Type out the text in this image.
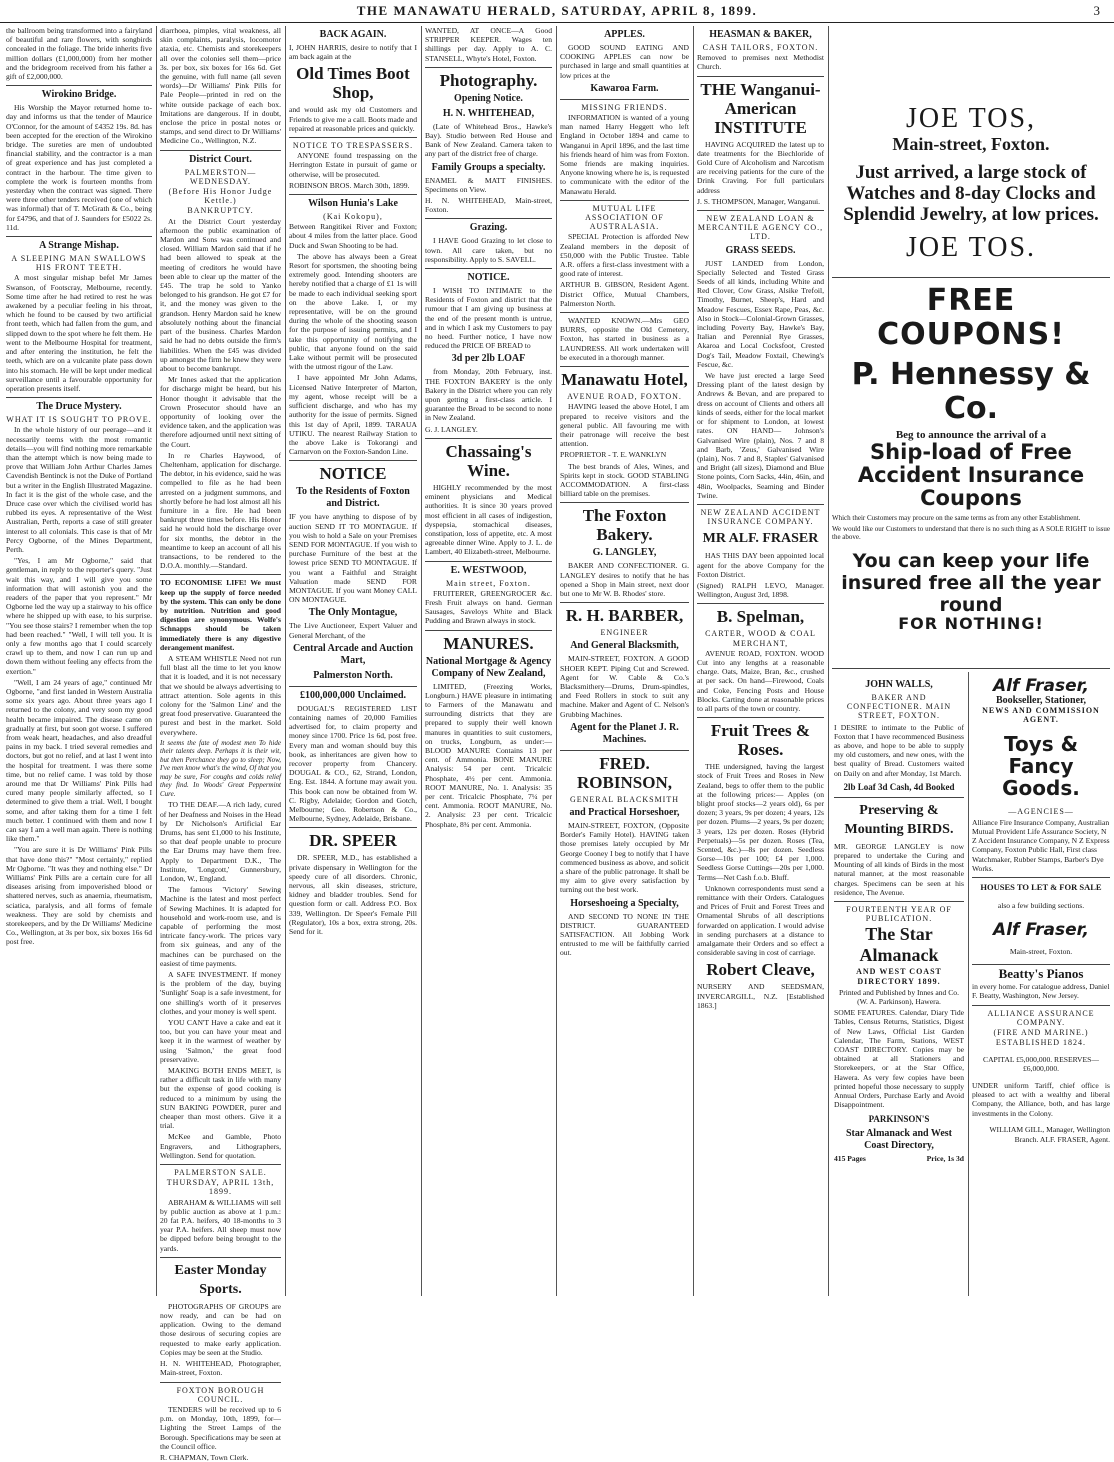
THE MANAWATU HERALD, SATURDAY, APRIL 8, 1899.	3

the ballroom being transformed into a fairyland of beautiful and rare flowers, with songbirds concealed in the foliage. The bride inherits five million dollars (£1,000,000) from her mother and the bridegroom received from his father a gift of £2,000,000.

Wirokino Bridge.

His Worship the Mayor returned home to-day and informs us that the tender of Maurice O'Connor, for the amount of £4352 19s. 8d. has been accepted for the erection of the Wirokino bridge. The sureties are men of undoubted financial stability, and the contractor is a man of great experience and has just completed a contract in the harbour. The time given to complete the work is fourteen months from yesterday when the contract was signed. There were three other tenders received (one of which was informal) that of T. McGrath & Co., being for £4796, and that of J. Saunders for £5022 2s. 11d.

A Strange Mishap.
A SLEEPING MAN SWALLOWS HIS FRONT TEETH.

A most singular mishap befel Mr James Swanson, of Footscray, Melbourne, recently. Some time after he had retired to rest he was awakened by a peculiar feeling in his throat, which he found to be caused by two artificial front teeth, which had fallen from the gum, and slipped down to the spot where he felt them. He went to the Melbourne Hospital for treatment, and after entering the institution, he felt the teeth, which are on a vulcanite plate pass down into his stomach. He will be kept under medical surveillance until a favourable opportunity for operation presents itself.

The Druce Mystery.
WHAT IT IS SOUGHT TO PROVE.

In the whole history of our peerage—and it necessarily teems with the most romantic details—you will find nothing more remarkable than the attempt which is now being made to prove that William John Arthur Charles James Cavendish Bentinck is not the Duke of Portland but a writer in the English Illustrated Magazine. In fact it is the gist of the whole case, and the Druce case over which the civilised world has rubbed its eyes. A representative of the West Australian, Perth, reports a case of still greater interest to all colonials. This case is that of Mr Percy Ogborne, of the Mines Department, Perth.

"Yes, I am Mr Ogborne," said that gentleman, in reply to the reporter's query. "Just wait this way, and I will give you some information that will astonish you and the readers of the paper that you represent." Mr Ogborne led the way up a stairway to his office where he shipped up with ease, to his surprise. "You see those stairs? I remember when the top had been reached." "Well, I will tell you. It is only a few months ago that I could scarcely crawl up to them, and now I can run up and down them without feeling any effects from the exertion."

"Well, I am 24 years of age," continued Mr Ogborne, "and first landed in Western Australia some six years ago. About three years ago I returned to the colony, and very soon my good health became impaired. The disease came on gradually at first, but soon got worse. I suffered from weak heart, headaches, and also dreadful pains in my back. I tried several remedies and doctors, but got no relief, and at last I went into the hospital for treatment. I was there some time, but no relief came. I was told by those around me that Dr Williams' Pink Pills had cured many people similarly affected, so I determined to give them a trial. Well, I bought some, and after taking them for a time I felt much better. I continued with them and now I can say I am a well man again. There is nothing like them."

"You are sure it is Dr Williams' Pink Pills that have done this?" "Most certainly," replied Mr Ogborne. "It was they and nothing else." Dr Williams' Pink Pills are a certain cure for all diseases arising from impoverished blood or shattered nerves, such as anaemia, rheumatism, sciatica, paralysis, and all forms of female weakness. They are sold by chemists and storekeepers, and by the Dr Williams' Medicine Co., Wellington, at 3s per box, six boxes 16s 6d post free.

diarrhoea, pimples, vital weakness, all skin complaints, paralysis, locomotor ataxia, etc. Chemists and storekeepers all over the colonies sell them—price 3s. per box, six boxes for 16s 6d. Get the genuine, with full name (all seven words)—Dr Williams' Pink Pills for Pale People—printed in red on the white outside package of each box. Imitations are dangerous. If in doubt, enclose the price in postal notes or stamps, and send direct to Dr Williams' Medicine Co., Wellington, N.Z.

District Court.
PALMERSTON—WEDNESDAY.
(Before His Honor Judge Kettle.)
BANKRUPTCY.

At the District Court yesterday afternoon the public examination of Mardon and Sons was continued and closed. William Mardon said that if he had been allowed to speak at the meeting of creditors he would have been able to clear up the matter of the £45. The trap he sold to Yanko belonged to his grandson. He got £7 for it, and the money was given to the grandson. Henry Mardon said he knew absolutely nothing about the financial part of the business. Charles Mardon said he had no debts outside the firm's liabilities. When the £45 was divided up amongst the firm he knew they were about to become bankrupt.

Mr Innes asked that the application for discharge might be heard, but his Honor thought it advisable that the Crown Prosecutor should have an opportunity of looking over the evidence taken, and the application was therefore adjourned until next sitting of the Court.

In re Charles Haywood, of Cheltenham, application for discharge. The debtor, in his evidence, said he was compelled to file as he had been arrested on a judgment summons, and shortly before he had lost almost all his furniture in a fire. He had been bankrupt three times before. His Honor said he would hold the discharge over for six months, the debtor in the meantime to keep an account of all his transactions, to be rendered to the D.O.A. monthly.—Standard.

TO ECONOMISE LIFE! We must keep up the supply of force needed by the system. This can only be done by nutrition. Nutrition and good digestion are synonymous. Wolfe's Schnapps should be taken immediately there is any digestive derangement manifest.

A STEAM WHISTLE Need not run full blast all the time to let you know that it is loaded, and it is not necessary that we should be always advertising to attract attention. Sole agents in this colony for the 'Salmon Line' and the great food preservative. Guaranteed the purest and best in the market. Sold everywhere.

It seems the fate of modest men To hide their talents deep. Perhaps it is their wit, but then Perchance they go to sleep; Now, I've men know what's the wind, Of that you may be sure, For coughs and colds relief they find. In Woods' Great Peppermint Cure.

TO THE DEAF.—A rich lady, cured of her Deafness and Noises in the Head by Dr Nicholson's Artificial Ear Drums, has sent £1,000 to his Institute, so that deaf people unable to procure the Ear Drums may have them free. Apply to Department D.K., The Institute, 'Longcott,' Gunnersbury, London, W., England.

The famous 'Victory' Sewing Machine is the latest and most perfect of Sewing Machines. It is adapted for household and work-room use, and is capable of performing the most intricate fancy-work. The prices vary from six guineas, and any of the machines can be purchased on the easiest of time payments.

A SAFE INVESTMENT. If money is the problem of the day, buying 'Sunlight' Soap is a safe investment, for one shilling's worth of it preserves clothes, and your money is well spent.

YOU CAN'T Have a cake and eat it too, but you can have your meat and keep it in the warmest of weather by using 'Salmon,' the great food preservative.

MAKING BOTH ENDS MEET, is rather a difficult task in life with many but the expense of good cooking is reduced to a minimum by using the SUN BAKING POWDER, purer and cheaper than most others. Give it a trial.

McKee and Gamble, Photo Engravers, and Lithographers, Wellington. Send for quotation.

PALMERSTON SALE.
THURSDAY, APRIL 13th, 1899.

ABRAHAM & WILLIAMS will sell by public auction as above at 1 p.m.: 20 fat P.A. heifers, 40 18-months to 3 year P.A. heifers. All sheep must now be dipped before being brought to the yards.

Easter Monday Sports.

PHOTOGRAPHS OF GROUPS are now ready, and can be had on application. Owing to the demand those desirous of securing copies are requested to make early application. Copies may be seen at the Studio.

H. N. WHITEHEAD, Photographer, Main-street, Foxton.

FOXTON BOROUGH COUNCIL.

TENDERS will be received up to 6 p.m. on Monday, 10th, 1899, for—Lighting the Street Lamps of the Borough. Specifications may be seen at the Council office.

R. CHAPMAN, Town Clerk.

BACK AGAIN.

I, JOHN HARRIS, desire to notify that I am back again at the

Old Times Boot Shop,

and would ask my old Customers and Friends to give me a call. Boots made and repaired at reasonable prices and quickly.

NOTICE TO TRESPASSERS.

ANYONE found trespassing on the Herrington Estate in pursuit of game or otherwise, will be prosecuted.

ROBINSON BROS. March 30th, 1899.

Wilson Hunia's Lake
(Kai Kokopu),

Between Rangitikei River and Foxton; about 4 miles from the latter place. Good Duck and Swan Shooting to be had.

The above has always been a Great Resort for sportsmen, the shooting being extremely good. Intending shooters are hereby notified that a charge of £1 1s will be made to each individual seeking sport on the above Lake. I, or my representative, will be on the ground during the whole of the shooting season for the purpose of issuing permits, and I take this opportunity of notifying the public, that anyone found on the said Lake without permit will be prosecuted with the utmost rigour of the Law.

I have appointed Mr John Adams, Licensed Native Interpreter of Marton, my agent, whose receipt will be a sufficient discharge, and who has my authority for the issue of permits. Signed this 1st day of April, 1899. TARAUA UTIKU. The nearest Railway Station to the above Lake is Tokorangi and Carnarvon on the Foxton-Sandon Line.

NOTICE
To the Residents of Foxton and District.

IF you have anything to dispose of by auction SEND IT TO MONTAGUE. If you wish to hold a Sale on your Premises SEND FOR MONTAGUE. If you wish to purchase Furniture of the best at the lowest price SEND TO MONTAGUE. If you want a Faithful and Straight Valuation made SEND FOR MONTAGUE. If you want Money CALL ON MONTAGUE.

The Only Montague,

The Live Auctioneer, Expert Valuer and General Merchant, of the

Central Arcade and Auction Mart,
Palmerston North.
£100,000,000 Unclaimed.

DOUGAL'S REGISTERED LIST containing names of 20,000 Families advertised for, to claim property and money since 1700. Price 1s 6d, post free. Every man and woman should buy this book, as inheritances are given how to recover property from Chancery. DOUGAL & CO., 62, Strand, London, Eng. Est. 1844. A fortune may await you. This book can now be obtained from W. C. Rigby, Adelaide; Gordon and Gotch, Melbourne; Geo. Robertson & Co., Melbourne, Sydney, Adelaide, Brisbane.

DR. SPEER

DR. SPEER, M.D., has established a private dispensary in Wellington for the speedy cure of all disorders. Chronic, nervous, all skin diseases, stricture, kidney and bladder troubles. Send for question form or call. Address P.O. Box 339, Wellington. Dr Speer's Female Pill (Regulator), 10s a box, extra strong, 20s. Send for it.

WANTED, AT ONCE—A Good STRIPPER KEEPER. Wages ten shillings per day. Apply to A. C. STANSELL, Whyte's Hotel, Foxton.

Photography.
Opening Notice.
H. N. WHITEHEAD,

(Late of Whitehead Bros., Hawke's Bay). Studio between Red House and Bank of New Zealand. Camera taken to any part of the district free of charge.

Family Groups a specialty.

ENAMEL & MATT FINISHES. Specimens on View.

H. N. WHITEHEAD, Main-street, Foxton.

Grazing.

I HAVE Good Grazing to let close to town. All care taken, but no responsibility. Apply to S. SAVELL.

NOTICE.

I WISH TO INTIMATE to the Residents of Foxton and district that the rumour that I am giving up business at the end of the present month is untrue, and in which I ask my Customers to pay no heed. Further notice, I have now reduced the PRICE OF BREAD to

3d per 2lb LOAF

from Monday, 20th February, inst. THE FOXTON BAKERY is the only Bakery in the District where you can rely upon getting a first-class article. I guarantee the Bread to be second to none in New Zealand.

G. J. LANGLEY.

Chassaing's Wine.

HIGHLY recommended by the most eminent physicians and Medical authorities. It is since 30 years proved most efficient in all cases of indigestion, dyspepsia, stomachical diseases, constipation, loss of appetite, etc. A most agreeable dinner Wine. Apply to J. L. de Lambert, 40 Elizabeth-street, Melbourne.

E. WESTWOOD,
Main street, Foxton.

FRUITERER, GREENGROCER &c. Fresh Fruit always on hand. German Sausages, Saveloys White and Black Pudding and Brawn always in stock.

MANURES.
National Mortgage & Agency Company of New Zealand,

LIMITED, (Freezing Works, Longburn.) HAVE pleasure in intimating to Farmers of the Manawatu and surrounding districts that they are prepared to supply their well known manures in quantities to suit customers, on trucks, Longburn, as under:— BLOOD MANURE Contains 13 per cent. of Ammonia. BONE MANURE Analysis: 54 per cent. Tricalcic Phosphate, 4½ per cent. Ammonia. ROOT MANURE, No. 1. Analysis: 35 per cent. Tricalcic Phosphate, 7¼ per cent. Ammonia. ROOT MANURE, No. 2. Analysis: 23 per cent. Tricalcic Phosphate, 8¾ per cent. Ammonia.

APPLES.

GOOD SOUND EATING AND COOKING APPLES can now be purchased in large and small quantities at low prices at the

Kawaroa Farm.
MISSING FRIENDS.

INFORMATION is wanted of a young man named Harry Heggett who left England in October 1894 and came to Wanganui in April 1896, and the last time his friends heard of him was from Foxton. Some friends are making inquiries. Anyone knowing where he is, is requested to communicate with the editor of the Manawatu Herald.

MUTUAL LIFE ASSOCIATION OF AUSTRALASIA.

SPECIAL Protection is afforded New Zealand members in the deposit of £50,000 with the Public Trustee. Table A.R. offers a first-class investment with a good rate of interest.

ARTHUR B. GIBSON, Resident Agent. District Office, Mutual Chambers, Palmerston North.

WANTED KNOWN.—Mrs GEO BURRS, opposite the Old Cemetery, Foxton, has started in business as a LAUNDRESS. All work undertaken will be executed in a thorough manner.

Manawatu Hotel,
AVENUE ROAD, FOXTON.

HAVING leased the above Hotel, I am prepared to receive visitors and the general public. All favouring me with their patronage will receive the best attention.

PROPRIETOR - T. E. WANKLYN

The best brands of Ales, Wines, and Spirits kept in stock. GOOD STABLING ACCOMMODATION. A first-class billiard table on the premises.

The Foxton Bakery.
G. LANGLEY,

BAKER AND CONFECTIONER. G. LANGLEY desires to notify that he has opened a Shop in Main street, next door but one to Mr W. B. Rhodes' store.

R. H. BARBER,
ENGINEER
And General Blacksmith,

MAIN-STREET, FOXTON. A GOOD SHOER KEPT. Piping Cut and Screwed. Agent for W. Cable & Co.'s Blacksmithery—Drums, Drum-spindles, and Feed Rollers in stock to suit any machine. Maker and Agent of C. Nelson's Grubbing Machines.

Agent for the Planet J. R. Machines.
FRED. ROBINSON,
GENERAL BLACKSMITH
and Practical Horseshoer,

MAIN-STREET, FOXTON, (Opposite Border's Family Hotel). HAVING taken those premises lately occupied by Mr George Cooney I beg to notify that I have commenced business as above, and solicit a share of the public patronage. It shall be my aim to give every satisfaction by turning out the best work.

Horseshoeing a Specialty,

AND SECOND TO NONE IN THE DISTRICT. GUARANTEED SATISFACTION. All Jobbing Work entrusted to me will be faithfully carried out.

HEASMAN & BAKER,
CASH TAILORS, FOXTON.

Removed to premises next Methodist Church.

THE Wanganui-American INSTITUTE

HAVING ACQUIRED the latest up to date treatments for the Biechloride of Gold Cure of Alcoholism and Narcotism are receiving patients for the cure of the Drink Craving. For full particulars address

J. S. THOMPSON, Manager, Wanganui.

NEW ZEALAND LOAN & MERCANTILE AGENCY CO., LTD.
GRASS SEEDS.

JUST LANDED from London, Specially Selected and Tested Grass Seeds of all kinds, including White and Red Clover, Cow Grass, Alsike Trefoil, Timothy, Burnet, Sheep's, Hard and Meadow Fescues, Essex Rape, Peas, &c. Also in Stock—Colonial-Grown Grasses, including Poverty Bay, Hawke's Bay, Italian and Perennial Rye Grasses, Akaroa and Local Cocksfoot, Crested Dog's Tail, Meadow Foxtail, Chewing's Fescue, &c.

We have just erected a large Seed Dressing plant of the latest design by Andrews & Bevan, and are prepared to dress on account of Clients and others all kinds of seeds, either for the local market or for shipment to London, at lowest rates. ON HAND— Johnson's Galvanised Wire (plain), Nos. 7 and 8 and Barb, 'Zeus,' Galvanised Wire (plain), Nos. 7 and 8, Staples' Galvanised and Bright (all sizes), Diamond and Blue Stone points, Corn Sacks, 44in, 46in, and 48in, Woolpacks, Seaming and Binder Twine.

NEW ZEALAND ACCIDENT INSURANCE COMPANY.
MR ALF. FRASER

HAS THIS DAY been appointed local agent for the above Company for the Foxton District.

(Signed) RALPH LEVO, Manager. Wellington, August 3rd, 1898.

B. Spelman,
CARTER, WOOD & COAL MERCHANT,

AVENUE ROAD, FOXTON. WOOD Cut into any lengths at a reasonable charge. Oats, Maize, Bran, &c., crushed at per sack. On hand—Firewood, Coals and Coke, Fencing Posts and House Blocks. Carting done at reasonable prices to all parts of the town or country.

Fruit Trees & Roses.

THE undersigned, having the largest stock of Fruit Trees and Roses in New Zealand, begs to offer them to the public at the following prices:— Apples (on blight proof stocks—2 years old), 6s per dozen; 3 years, 9s per dozen; 4 years, 12s per dozen. Plums—2 years, 9s per dozen; 3 years, 12s per dozen. Roses (Hybrid Perpetuals)—5s per dozen. Roses (Tea, Scented, &c.)—8s per dozen. Seedless Gorse—10s per 100; £4 per 1,000. Seedless Gorse Cuttings—20s per 1,000. Terms—Net Cash f.o.b. Bluff.

Unknown correspondents must send a remittance with their Orders. Catalogues and Prices of Fruit and Forest Trees and Ornamental Shrubs of all descriptions forwarded on application. I would advise in sending purchasers at a distance to amalgamate their Orders and so effect a considerable saving in cost of carriage.

Robert Cleave,

NURSERY AND SEEDSMAN, INVERCARGILL, N.Z. [Established 1863.]

JOE TOS,
Main-street, Foxton.
Just arrived, a large stock of Watches and 8-day Clocks and Splendid Jewelry, at low prices.
JOE TOS.
FREE COUPONS!
P. Hennessy & Co.
Beg to announce the arrival of a
Ship-load of Free Accident Insurance Coupons

Which their Customers may procure on the same terms as from any other Establishment.

We would like our Customers to understand that there is no such thing as A SOLE RIGHT to issue the above.

You can keep your life insured free all the year round
FOR NOTHING!
JOHN WALLS,
BAKER AND CONFECTIONER. MAIN STREET, FOXTON.

I DESIRE to intimate to the Public of Foxton that I have recommenced Business as above, and hope to be able to supply my old customers, and new ones, with the best quality of Bread. Customers waited on Daily on and after Monday, 1st March.

2lb Loaf 3d Cash, 4d Booked
Preserving & Mounting BIRDS.

MR. GEORGE LANGLEY is now prepared to undertake the Curing and Mounting of all kinds of Birds in the most natural manner, at the most reasonable charges. Specimens can be seen at his residence, The Avenue.

FOURTEENTH YEAR OF PUBLICATION.
The Star Almanack
AND WEST COAST DIRECTORY 1899.

Printed and Published by Innes and Co. (W. A. Parkinson), Hawera.

SOME FEATURES. Calendar, Diary Tide Tables, Census Returns, Statistics, Digest of New Laws, Official List Garden Calendar, The Farm, Stations, WEST COAST DIRECTORY. Copies may be obtained at all Stationers and Storekeepers, or at the Star Office, Hawera. As very few copies have been printed hopeful those necessary to supply Annual Orders, Purchase Early and Avoid Disappointment.

PARKINSON'S
Star Almanack and West Coast Directory,
415 Pages	Price, 1s 3d
Alf Fraser,
Bookseller, Stationer,
NEWS AND COMMISSION AGENT.
Toys & Fancy Goods.
—AGENCIES—

Alliance Fire Insurance Company, Australian Mutual Provident Life Assurance Society, N Z Accident Insurance Company, N Z Express Company, Foxton Public Hall, First class Watchmaker, Rubber Stamps, Barber's Dye Works.

HOUSES TO LET & FOR SALE

also a few building sections.

Alf Fraser,

Main-street, Foxton.

Beatty's Pianos

in every home. For catalogue address, Daniel F. Beatty, Washington, New Jersey.

ALLIANCE ASSURANCE COMPANY.
(FIRE AND MARINE.)
ESTABLISHED 1824.

CAPITAL £5,000,000. RESERVES—£6,000,000.

UNDER uniform Tariff, chief office is pleased to act with a wealthy and liberal Company, the Alliance, both, and has large investments in the Colony.

WILLIAM GILL, Manager, Wellington Branch. ALF. FRASER, Agent.
